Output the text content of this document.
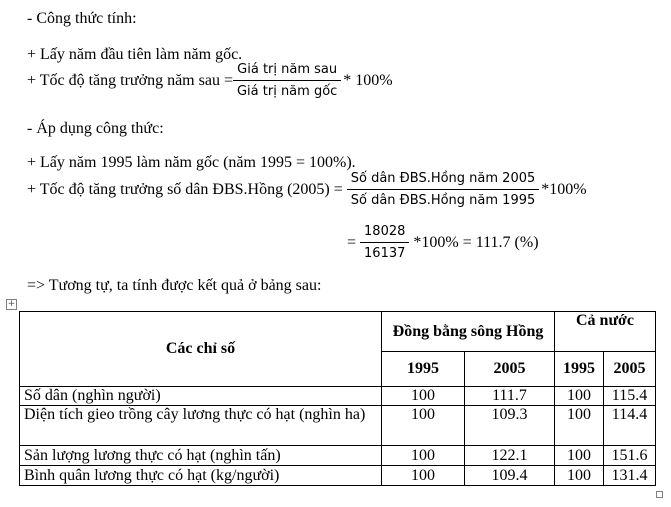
- Công thức tính:
+ Lấy năm đầu tiên làm năm gốc.
+ Tốc độ tăng trưởng năm sau = $\frac{\text{Giá trị năm sau}}{\text{Giá trị năm gốc}} * 100\%$
- Áp dụng công thức:
+ Lấy năm 1995 làm năm gốc (năm 1995 = 100%).
+ Tốc độ tăng trưởng số dân ĐBS.Hồng $(2005) = \frac{\text{Số dân ĐBS.Hồng năm 2005}}{\text{Số dân ĐBS.Hồng năm 1995}} *100\%$
= $\frac{18028}{16137} *100\% = 111.7$ (%)
=> Tương tự, ta tính được kết quả ở bảng sau:
+
Các chỉ số	Đồng bằng sông Hồng		Cả nước	
	1995	2005	1995	2005
Số dân (nghìn người)	100	111.7	100	115.4
Diện tích gieo trồng cây lương thực có hạt (nghìn ha)	100	109.3	100	114.4
Sản lượng lương thực có hạt (nghìn tấn)	100	122.1	100	151.6
Bình quân lương thực có hạt (kg/người)	100	109.4	100	131.4
